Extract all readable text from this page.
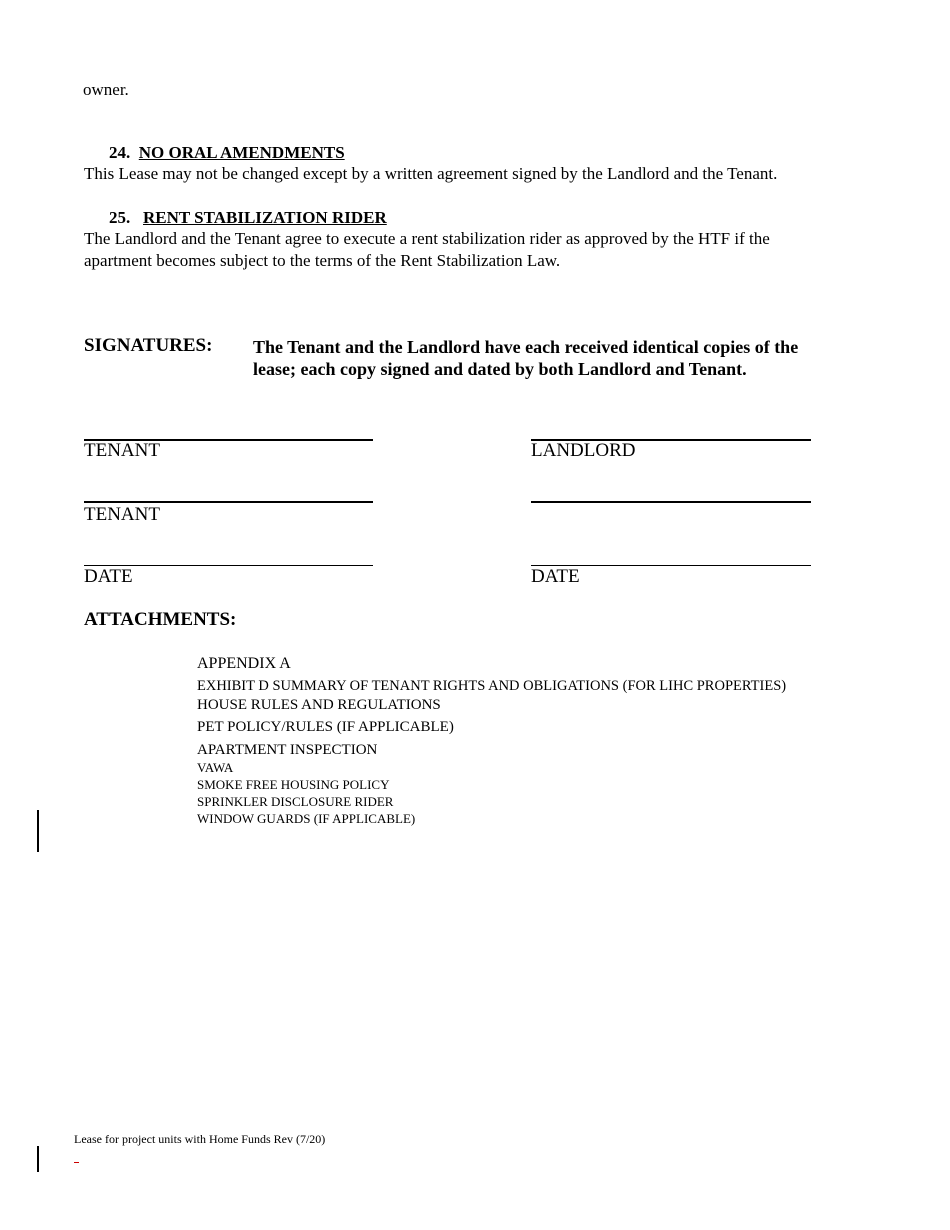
owner.
24. NO ORAL AMENDMENTS
This Lease may not be changed except by a written agreement signed by the Landlord and the Tenant.
25. RENT STABILIZATION RIDER
The Landlord and the Tenant agree to execute a rent stabilization rider as approved by the HTF if the
apartment becomes subject to the terms of the Rent Stabilization Law.
SIGNATURES: The Tenant and the Landlord have each received identical copies of the lease; each copy signed and dated by both Landlord and Tenant.
TENANT	LANDLORD
TENANT
DATE	DATE
ATTACHMENTS:
APPENDIX A
EXHIBIT D SUMMARY OF TENANT RIGHTS AND OBLIGATIONS (FOR LIHC PROPERTIES)
HOUSE RULES AND REGULATIONS
PET POLICY/RULES (IF APPLICABLE)
APARTMENT INSPECTION
VAWA
SMOKE FREE HOUSING POLICY
SPRINKLER DISCLOSURE RIDER
WINDOW GUARDS (IF APPLICABLE)
Lease for project units with Home Funds Rev (7/20)
